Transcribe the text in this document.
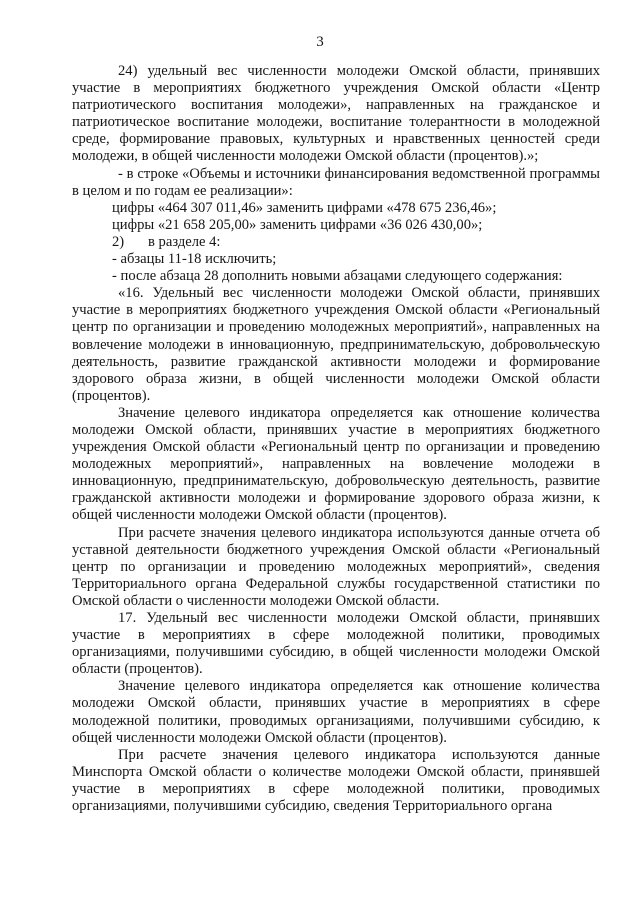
3

24) удельный вес численности молодежи Омской области, принявших участие в мероприятиях бюджетного учреждения Омской области «Центр патриотического воспитания молодежи», направленных на гражданское и патриотическое воспитание молодежи, воспитание толерантности в молодежной среде, формирование правовых, культурных и нравственных ценностей среди молодежи, в общей численности молодежи Омской области (процентов).»;

- в строке «Объемы и источники финансирования ведомственной программы в целом и по годам ее реализации»:

цифры «464 307 011,46» заменить цифрами «478 675 236,46»;

цифры «21 658 205,00» заменить цифрами «36 026 430,00»;

2) в разделе 4:

- абзацы 11-18 исключить;

- после абзаца 28 дополнить новыми абзацами следующего содержания:

«16. Удельный вес численности молодежи Омской области, принявших участие в мероприятиях бюджетного учреждения Омской области «Региональный центр по организации и проведению молодежных мероприятий», направленных на вовлечение молодежи в инновационную, предпринимательскую, добровольческую деятельность, развитие гражданской активности молодежи и формирование здорового образа жизни, в общей численности молодежи Омской области (процентов).

Значение целевого индикатора определяется как отношение количества молодежи Омской области, принявших участие в мероприятиях бюджетного учреждения Омской области «Региональный центр по организации и проведению молодежных мероприятий», направленных на вовлечение молодежи в инновационную, предпринимательскую, добровольческую деятельность, развитие гражданской активности молодежи и формирование здорового образа жизни, к общей численности молодежи Омской области (процентов).

При расчете значения целевого индикатора используются данные отчета об уставной деятельности бюджетного учреждения Омской области «Региональный центр по организации и проведению молодежных мероприятий», сведения Территориального органа Федеральной службы государственной статистики по Омской области о численности молодежи Омской области.

17. Удельный вес численности молодежи Омской области, принявших участие в мероприятиях в сфере молодежной политики, проводимых организациями, получившими субсидию, в общей численности молодежи Омской области (процентов).

Значение целевого индикатора определяется как отношение количества молодежи Омской области, принявших участие в мероприятиях в сфере молодежной политики, проводимых организациями, получившими субсидию, к общей численности молодежи Омской области (процентов).

При расчете значения целевого индикатора используются данные Минспорта Омской области о количестве молодежи Омской области, принявшей участие в мероприятиях в сфере молодежной политики, проводимых организациями, получившими субсидию, сведения Территориального органа
